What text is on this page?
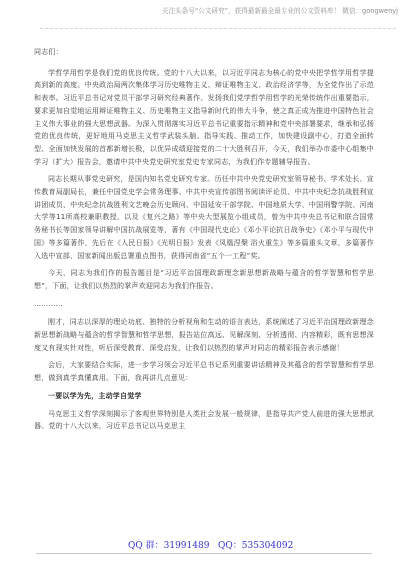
关注头条号“公文研究”，获得最新最全最专业的公文资料库！ 微信：gongwenyj

同志们：

学哲学用哲学是我们党的优良传统。党的十八大以来，以习近平同志为核心的党中央把学哲学用哲学提高到新的高度。中央政治局两次集体学习历史唯物主义、辩证唯物主义、政治经济学等，为全党作出了示范和表率。习近平总书记对党员干部学习研究经典著作、发扬我们党学哲学用哲学的光荣传统作出重要指示，要求更加自觉地运用辩证唯物主义、历史唯物主义指导新时代的伟大斗争，使之真正成为推进中国特色社会主义伟大事业的强大思想武器。为深入贯彻落实习近平总书记重要指示精神和党中央部署要求，继承和弘扬党的优良传统，更好地用马克思主义哲学武装头脑、指导实践、推动工作，加快建设副中心，打造全面转型、全面加快发展的首都新增长极，以优异成绩迎接党的二十大胜利召开，今天，我们举办市委中心组集中学习（扩大）报告会，邀请中共中央党史研究室党史专家同志，为我们作专题辅导报告。

同志长期从事党史研究，是国内知名党史研究专家。历任中共中央党史研究室领导秘书、学术处长、宣传教育局副局长，兼任中国党史学会常务理事、中共中央宣传部图书阅读评论员、中共中央纪念抗战胜利宣讲团成员、中央纪念抗战胜利文艺晚会历史顾问、中国延安干部学院、中国地质大学、中国刑警学院、河南大学等11所高校兼职教授，以及《复兴之路》等中央大型展览小组成员，曾为中共中央总书记和联合国常务秘书长等国家领导讲解中国抗战展览等，著有《中国现代史论》《邓小平论抗日战争史》《邓小平与现代中国》等多篇著作，先后在《人民日报》《光明日报》发表《凤凰涅槃 浴火重生》等多篇重头文章，多篇著作入选中宣部、国家新闻出版总署重点图书，获得河南省“五个一工程”奖。

今天，同志为我们作的报告题目是“习近平治国理政新理念新思想新战略与蕴含的哲学智慧和哲学思想”，下面，让我们以热烈的掌声欢迎同志为我们作报告。

…………

刚才，同志以深厚的理论功底、独特的分析视角和生动的语言表达，系统阐述了习近平治国理政新理念新思想新战略与蕴含的哲学智慧和哲学思想，报告站位高远、见解深刻、分析透彻、内容精彩，既有思想深度又有现实针对性，听后深受教育、深受启发，让我们以热烈的掌声对同志的精彩报告表示感谢！

会后，大家要结合实际，进一步学习领会习近平总书记系列重要讲话精神及其蕴含的哲学智慧和哲学思想，做到真学真懂真用。下面，我再讲几点意见：

一要以学为先，主动学自觉学

马克思主义哲学深刻揭示了客观世界特别是人类社会发展一般规律，是指导共产党人前进的强大思想武器。党的十八大以来，习近平总书记以马克思主

QQ 群：31991489 QQ：535304092
